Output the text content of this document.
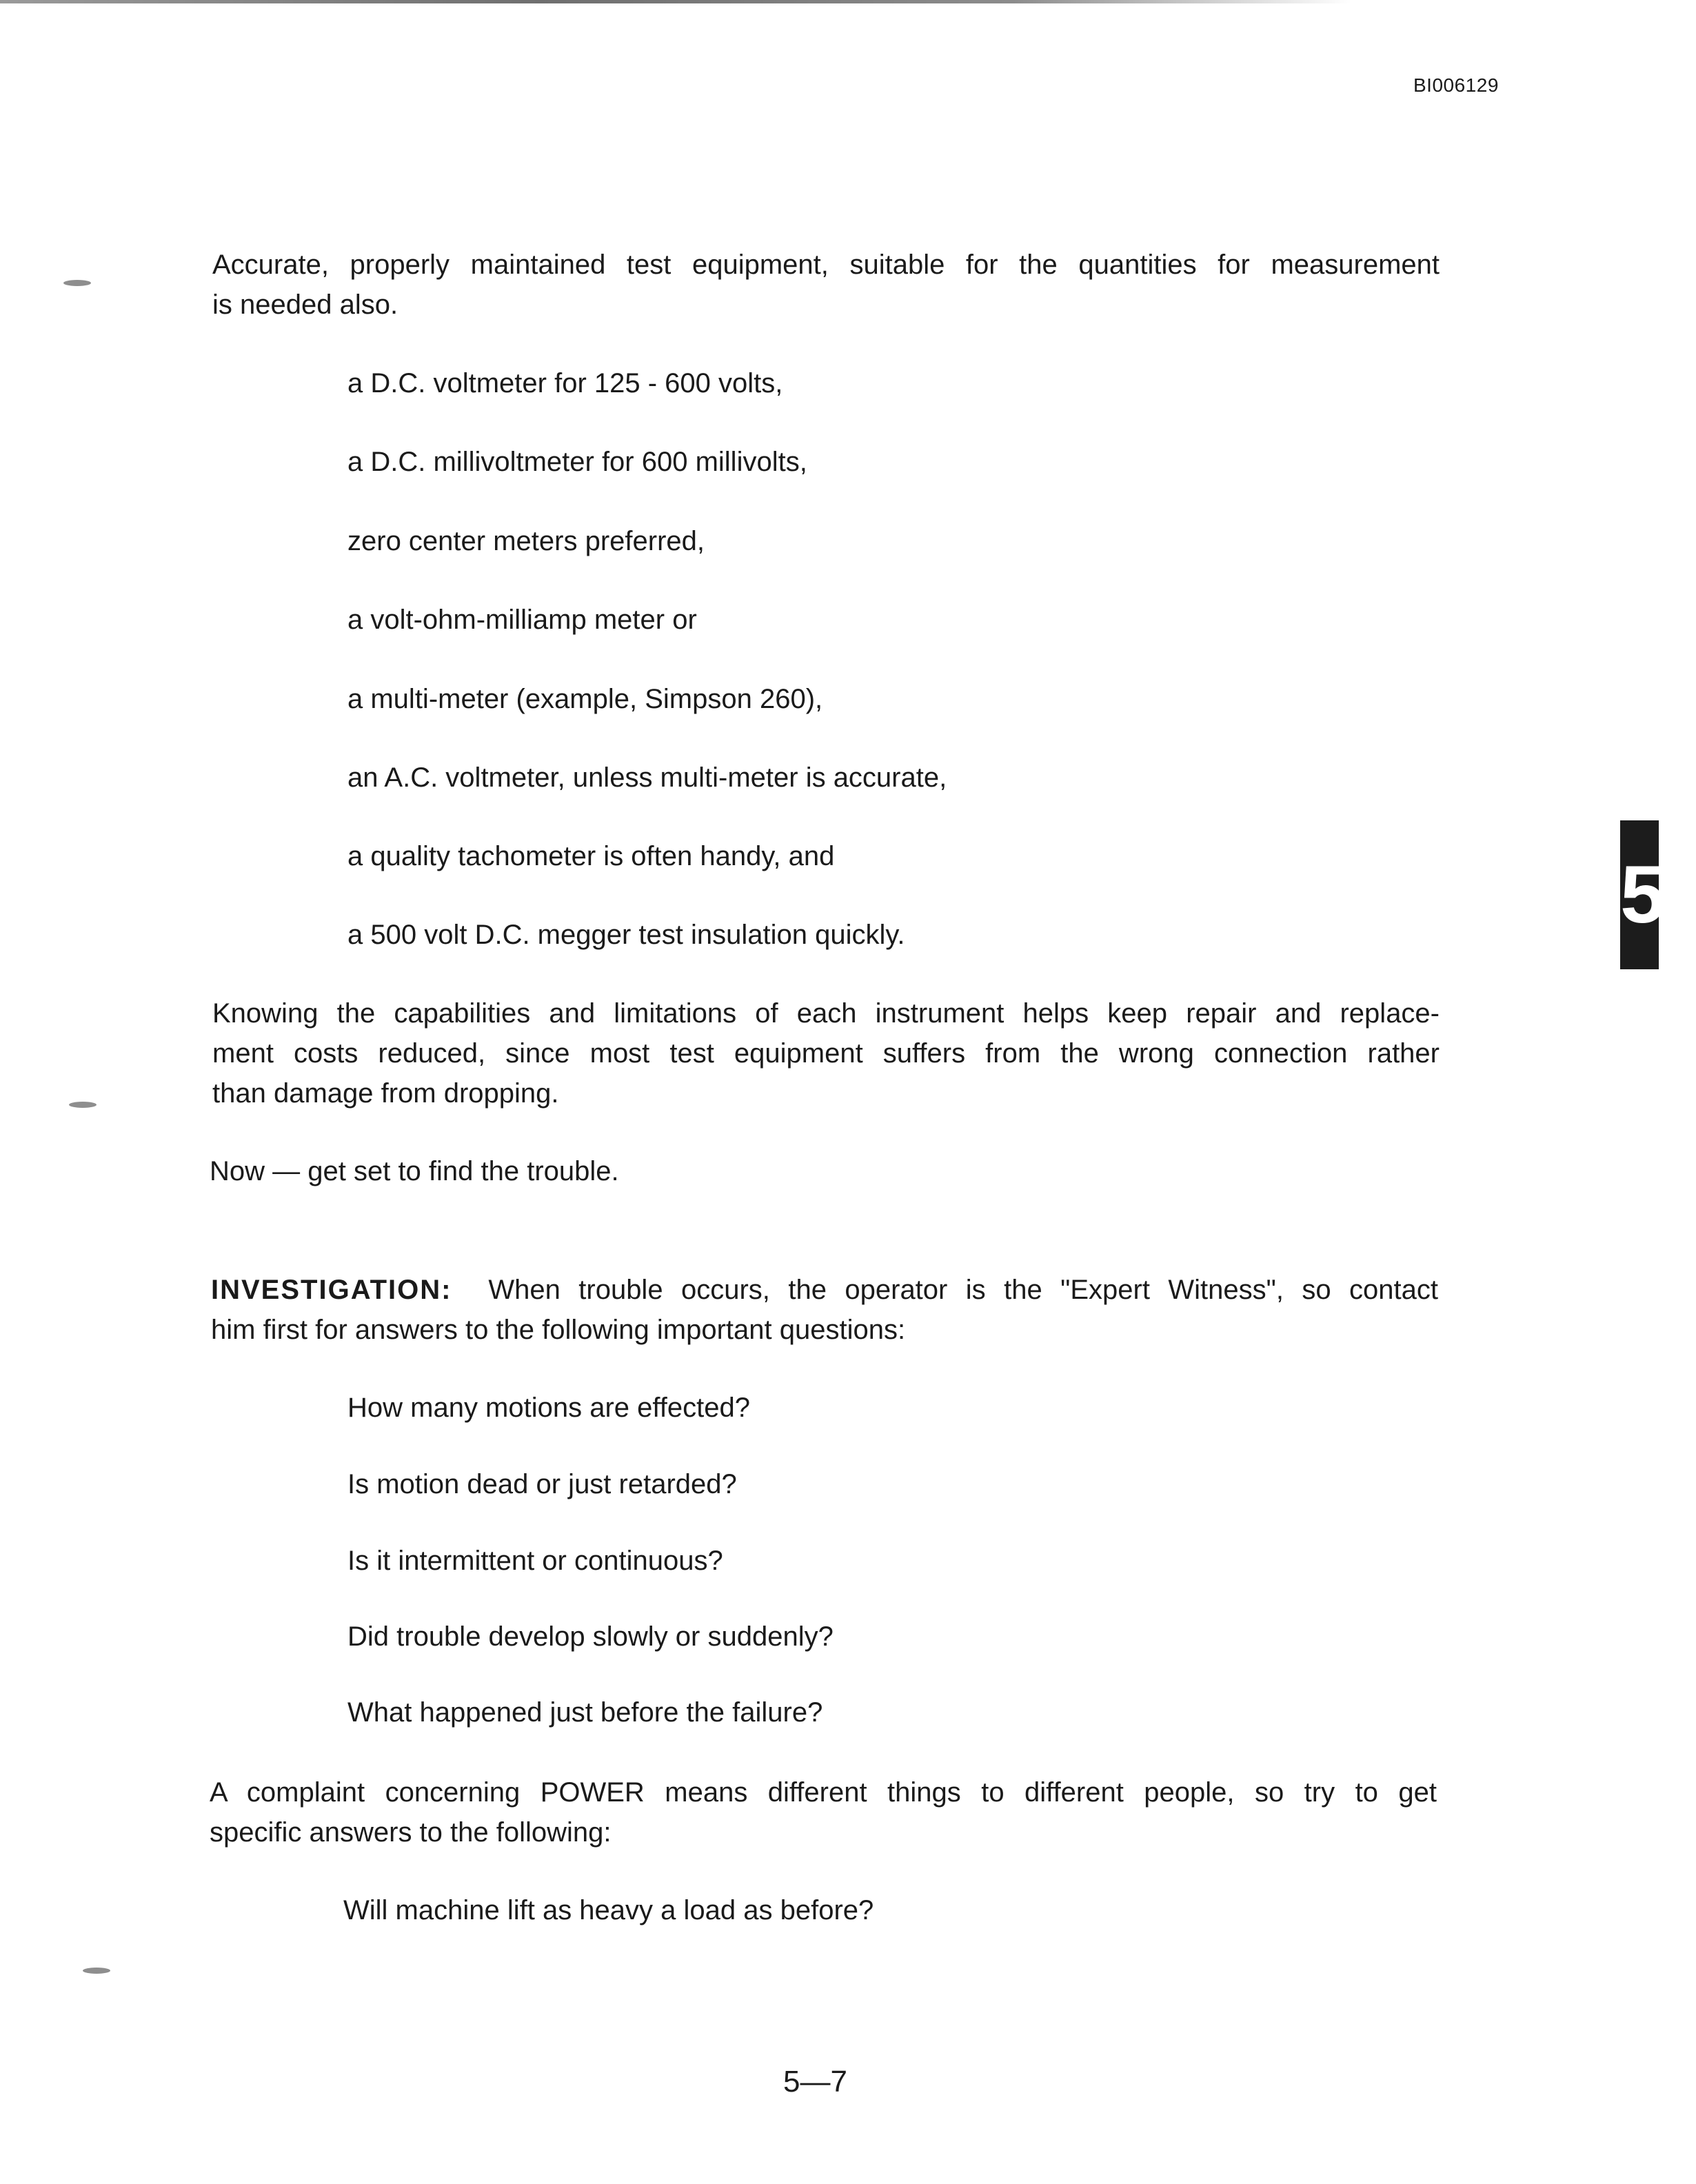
BI006129
5
Accurate, properly maintained test equipment, suitable for the quantities for measurement
is needed also.
a D.C. voltmeter for 125 - 600 volts,
a D.C. millivoltmeter for 600 millivolts,
zero center meters preferred,
a volt-ohm-milliamp meter or
a multi-meter (example, Simpson 260),
an A.C. voltmeter, unless multi-meter is accurate,
a quality tachometer is often handy, and
a 500 volt D.C. megger test insulation quickly.
Knowing the capabilities and limitations of each instrument helps keep repair and replace-
ment costs reduced, since most test equipment suffers from the wrong connection rather
than damage from dropping.
Now — get set to find the trouble.
INVESTIGATION: When trouble occurs, the operator is the "Expert Witness", so contact
him first for answers to the following important questions:
How many motions are effected?
Is motion dead or just retarded?
Is it intermittent or continuous?
Did trouble develop slowly or suddenly?
What happened just before the failure?
A complaint concerning POWER means different things to different people, so try to get
specific answers to the following:
Will machine lift as heavy a load as before?
5—7
